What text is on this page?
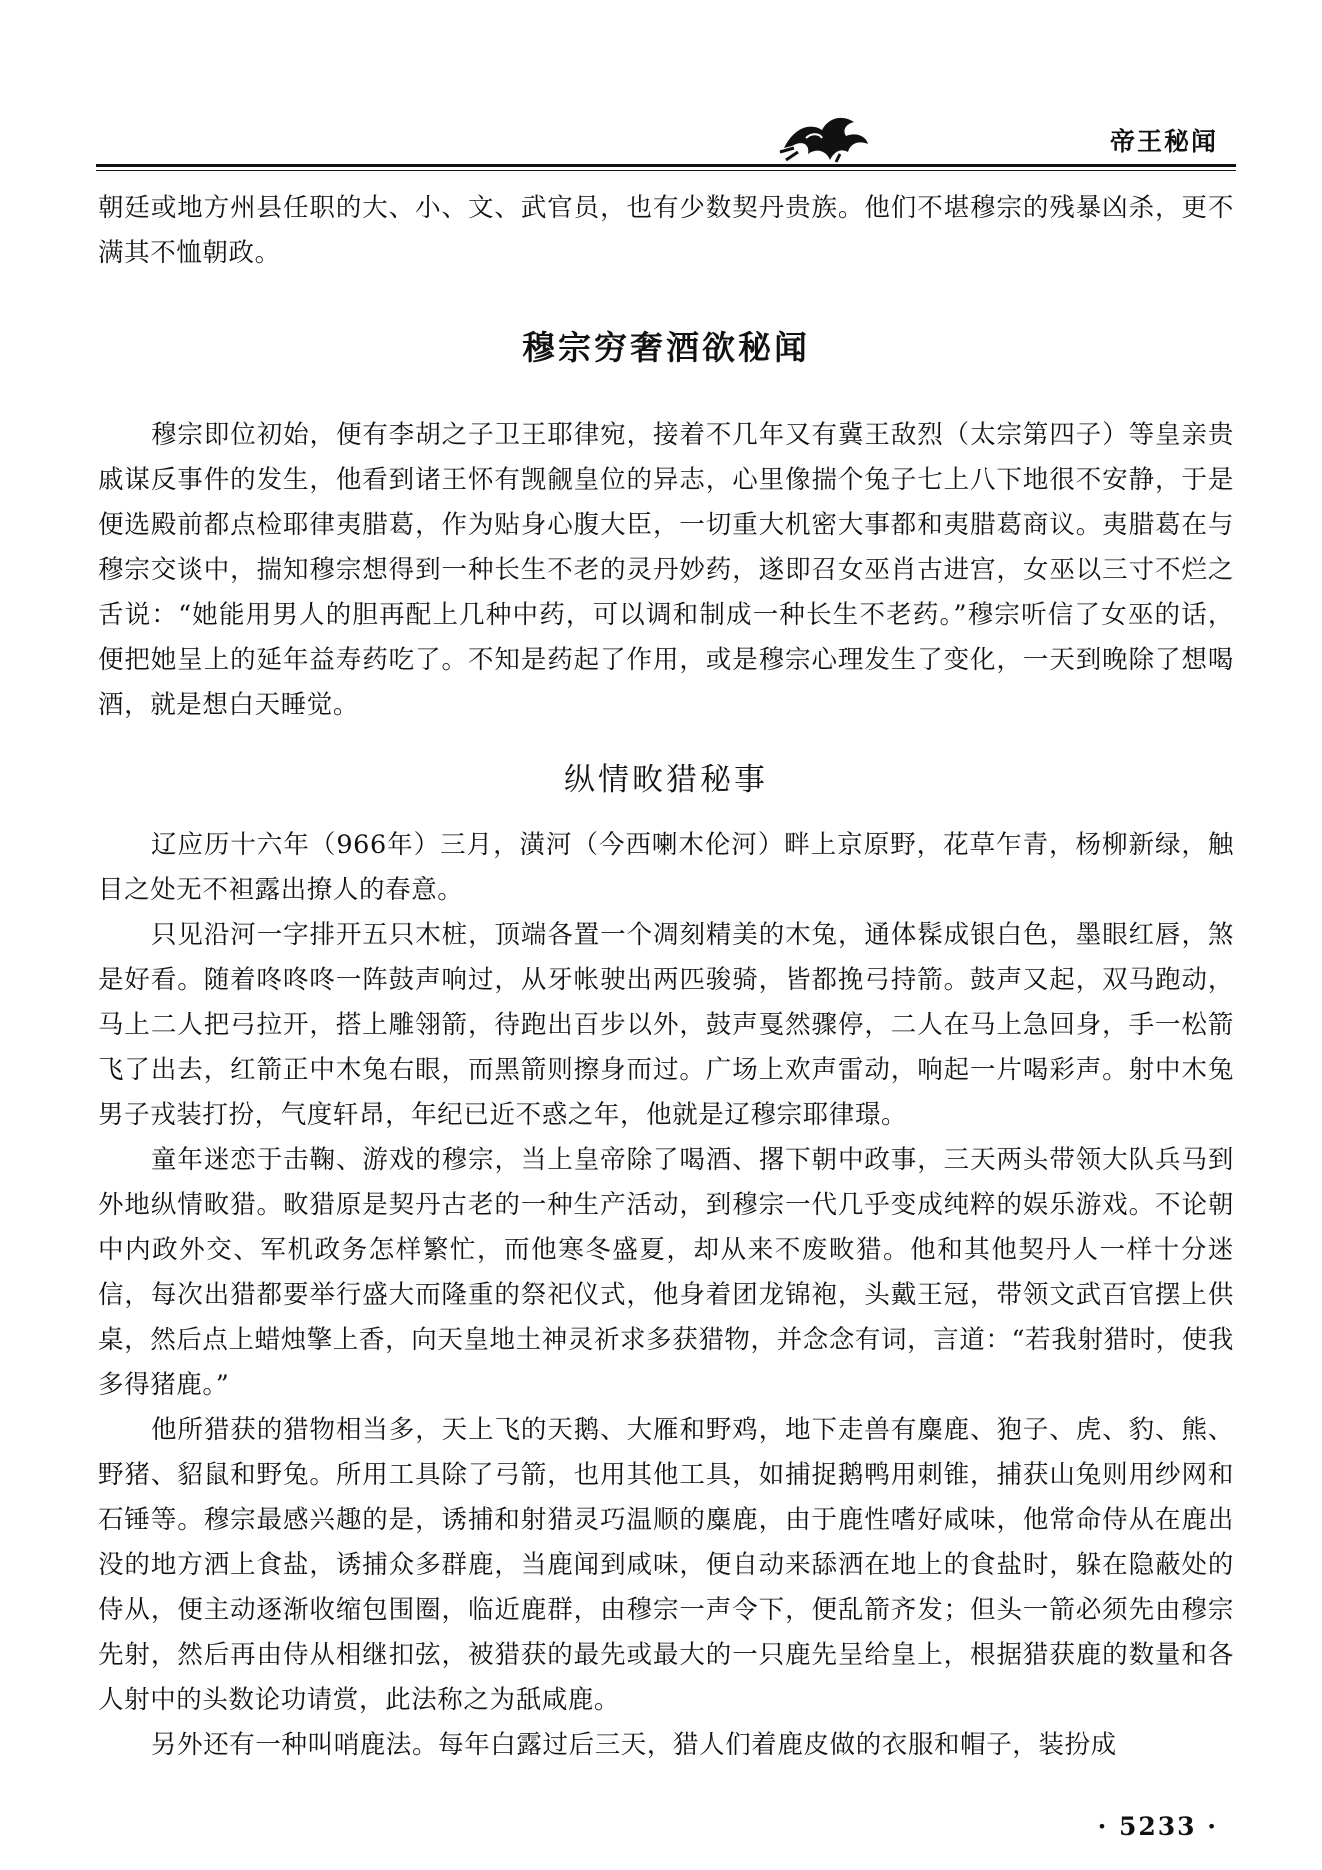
帝王秘闻

朝廷或地方州县任职的大、小、文、武官员，也有少数契丹贵族。他们不堪穆宗的残暴凶杀，更不满其不恤朝政。

穆宗穷奢酒欲秘闻

穆宗即位初始，便有李胡之子卫王耶律宛，接着不几年又有冀王敌烈（太宗第四子）等皇亲贵戚谋反事件的发生，他看到诸王怀有觊觎皇位的异志，心里像揣个兔子七上八下地很不安静，于是便选殿前都点检耶律夷腊葛，作为贴身心腹大臣，一切重大机密大事都和夷腊葛商议。夷腊葛在与穆宗交谈中，揣知穆宗想得到一种长生不老的灵丹妙药，遂即召女巫肖古进宫，女巫以三寸不烂之舌说：“她能用男人的胆再配上几种中药，可以调和制成一种长生不老药。”穆宗听信了女巫的话，便把她呈上的延年益寿药吃了。不知是药起了作用，或是穆宗心理发生了变化，一天到晚除了想喝酒，就是想白天睡觉。

纵情畋猎秘事

辽应历十六年（966年）三月，潢河（今西喇木伦河）畔上京原野，花草乍青，杨柳新绿，触目之处无不袒露出撩人的春意。

只见沿河一字排开五只木桩，顶端各置一个凋刻精美的木兔，通体髹成银白色，墨眼红唇，煞是好看。随着咚咚咚一阵鼓声响过，从牙帐驶出两匹骏骑，皆都挽弓持箭。鼓声又起，双马跑动，马上二人把弓拉开，搭上雕翎箭，待跑出百步以外，鼓声戛然骤停，二人在马上急回身，手一松箭飞了出去，红箭正中木兔右眼，而黑箭则擦身而过。广场上欢声雷动，响起一片喝彩声。射中木兔男子戎装打扮，气度轩昂，年纪已近不惑之年，他就是辽穆宗耶律璟。

童年迷恋于击鞠、游戏的穆宗，当上皇帝除了喝酒、撂下朝中政事，三天两头带领大队兵马到外地纵情畋猎。畋猎原是契丹古老的一种生产活动，到穆宗一代几乎变成纯粹的娱乐游戏。不论朝中内政外交、军机政务怎样繁忙，而他寒冬盛夏，却从来不废畋猎。他和其他契丹人一样十分迷信，每次出猎都要举行盛大而隆重的祭祀仪式，他身着团龙锦袍，头戴王冠，带领文武百官摆上供桌，然后点上蜡烛擎上香，向天皇地土神灵祈求多获猎物，并念念有词，言道：“若我射猎时，使我多得猪鹿。”

他所猎获的猎物相当多，天上飞的天鹅、大雁和野鸡，地下走兽有麋鹿、狍子、虎、豹、熊、野猪、貂鼠和野兔。所用工具除了弓箭，也用其他工具，如捕捉鹅鸭用刺锥，捕获山兔则用纱网和石锤等。穆宗最感兴趣的是，诱捕和射猎灵巧温顺的麋鹿，由于鹿性嗜好咸味，他常命侍从在鹿出没的地方洒上食盐，诱捕众多群鹿，当鹿闻到咸味，便自动来舔洒在地上的食盐时，躲在隐蔽处的侍从，便主动逐渐收缩包围圈，临近鹿群，由穆宗一声令下，便乱箭齐发；但头一箭必须先由穆宗先射，然后再由侍从相继扣弦，被猎获的最先或最大的一只鹿先呈给皇上，根据猎获鹿的数量和各人射中的头数论功请赏，此法称之为舐咸鹿。

另外还有一种叫哨鹿法。每年白露过后三天，猎人们着鹿皮做的衣服和帽子，装扮成

· 5233 ·
